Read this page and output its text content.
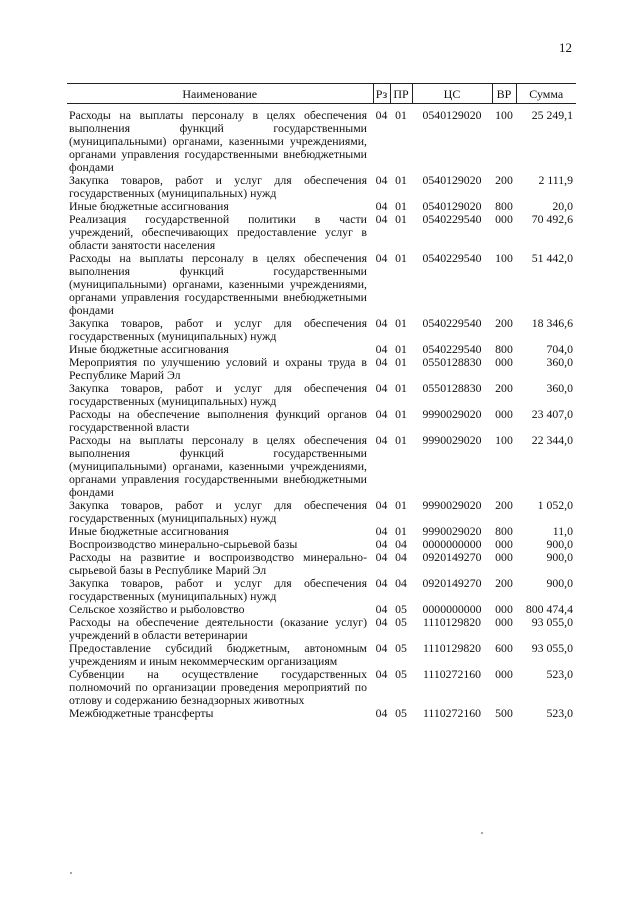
12
Наименование	Рз	ПР	ЦС	ВР	Сумма
Расходы на выплаты персоналу в целях обеспечения выполнения функций государственными (муниципальными) органами, казенными учреждениями, органами управления государственными внебюджетными фондами	04	01	0540129020	100	25 249,1
Закупка товаров, работ и услуг для обеспечения государственных (муниципальных) нужд	04	01	0540129020	200	2 111,9
Иные бюджетные ассигнования	04	01	0540129020	800	20,0
Реализация государственной политики в части учреждений, обеспечивающих предоставление услуг в области занятости населения	04	01	0540229540	000	70 492,6
Расходы на выплаты персоналу в целях обеспечения выполнения функций государственными (муниципальными) органами, казенными учреждениями, органами управления государственными внебюджетными фондами	04	01	0540229540	100	51 442,0
Закупка товаров, работ и услуг для обеспечения государственных (муниципальных) нужд	04	01	0540229540	200	18 346,6
Иные бюджетные ассигнования	04	01	0540229540	800	704,0
Мероприятия по улучшению условий и охраны труда в Республике Марий Эл	04	01	0550128830	000	360,0
Закупка товаров, работ и услуг для обеспечения государственных (муниципальных) нужд	04	01	0550128830	200	360,0
Расходы на обеспечение выполнения функций органов государственной власти	04	01	9990029020	000	23 407,0
Расходы на выплаты персоналу в целях обеспечения выполнения функций государственными (муниципальными) органами, казенными учреждениями, органами управления государственными внебюджетными фондами	04	01	9990029020	100	22 344,0
Закупка товаров, работ и услуг для обеспечения государственных (муниципальных) нужд	04	01	9990029020	200	1 052,0
Иные бюджетные ассигнования	04	01	9990029020	800	11,0
Воспроизводство минерально-сырьевой базы	04	04	0000000000	000	900,0
Расходы на развитие и воспроизводство минерально-сырьевой базы в Республике Марий Эл	04	04	0920149270	000	900,0
Закупка товаров, работ и услуг для обеспечения государственных (муниципальных) нужд	04	04	0920149270	200	900,0
Сельское хозяйство и рыболовство	04	05	0000000000	000	800 474,4
Расходы на обеспечение деятельности (оказание услуг) учреждений в области ветеринарии	04	05	1110129820	000	93 055,0
Предоставление субсидий бюджетным, автономным учреждениям и иным некоммерческим организациям	04	05	1110129820	600	93 055,0
Субвенции на осуществление государственных полномочий по организации проведения мероприятий по отлову и содержанию безнадзорных животных	04	05	1110272160	000	523,0
Межбюджетные трансферты	04	05	1110272160	500	523,0
